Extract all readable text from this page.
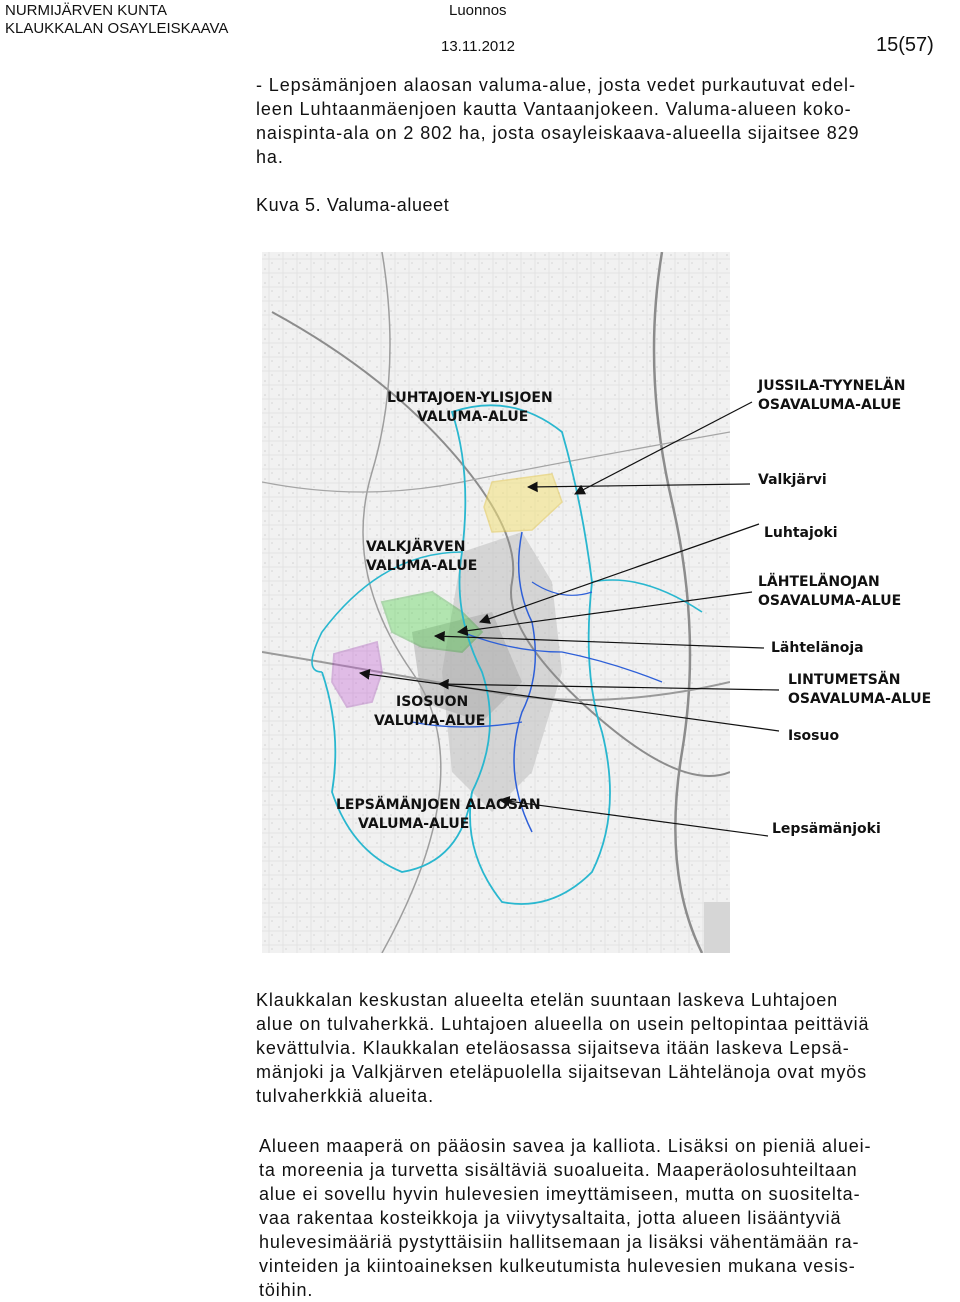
NURMIJÄRVEN KUNTA
KLAUKKALAN OSAYLEISKAAVA
Luonnos
13.11.2012	15(57)
- Lepsämänjoen alaosan valuma-alue, josta vedet purkautuvat edel-
leen Luhtaanmäenjoen kautta Vantaanjokeen. Valuma-alueen koko-
naispinta-ala on 2 802 ha, josta osayleiskaava-alueella sijaitsee 829
ha.
Kuva 5. Valuma-alueet
LUHTAJOEN-YLISJOEN
VALUMA-ALUE
VALKJÄRVEN
VALUMA-ALUE
ISOSUON
VALUMA-ALUE
LEPSÄMÄNJOEN ALAOSAN
VALUMA-ALUE
JUSSILA-TYYNELÄN
OSAVALUMA-ALUE
Valkjärvi
Luhtajoki
LÄHTELÄNOJAN
OSAVALUMA-ALUE
Lähtelänoja
LINTUMETSÄN
OSAVALUMA-ALUE
Isosuo
Lepsämänjoki
Klaukkalan keskustan alueelta etelän suuntaan laskeva Luhtajoen
alue on tulvaherkkä. Luhtajoen alueella on usein peltopintaa peittäviä
kevättulvia. Klaukkalan eteläosassa sijaitseva itään laskeva Lepsä-
mänjoki ja Valkjärven eteläpuolella sijaitsevan Lähtelänoja ovat myös
tulvaherkkiä alueita.
Alueen maaperä on pääosin savea ja kalliota. Lisäksi on pieniä aluei-
ta moreenia ja turvetta sisältäviä suoalueita. Maaperäolosuhteiltaan
alue ei sovellu hyvin hulevesien imeyttämiseen, mutta on suositelta-
vaa rakentaa kosteikkoja ja viivytysaltaita, jotta alueen lisääntyviä
hulevesimääriä pystyttäisiin hallitsemaan ja lisäksi vähentämään ra-
vinteiden ja kiintoaineksen kulkeutumista hulevesien mukana vesis-
töihin.
